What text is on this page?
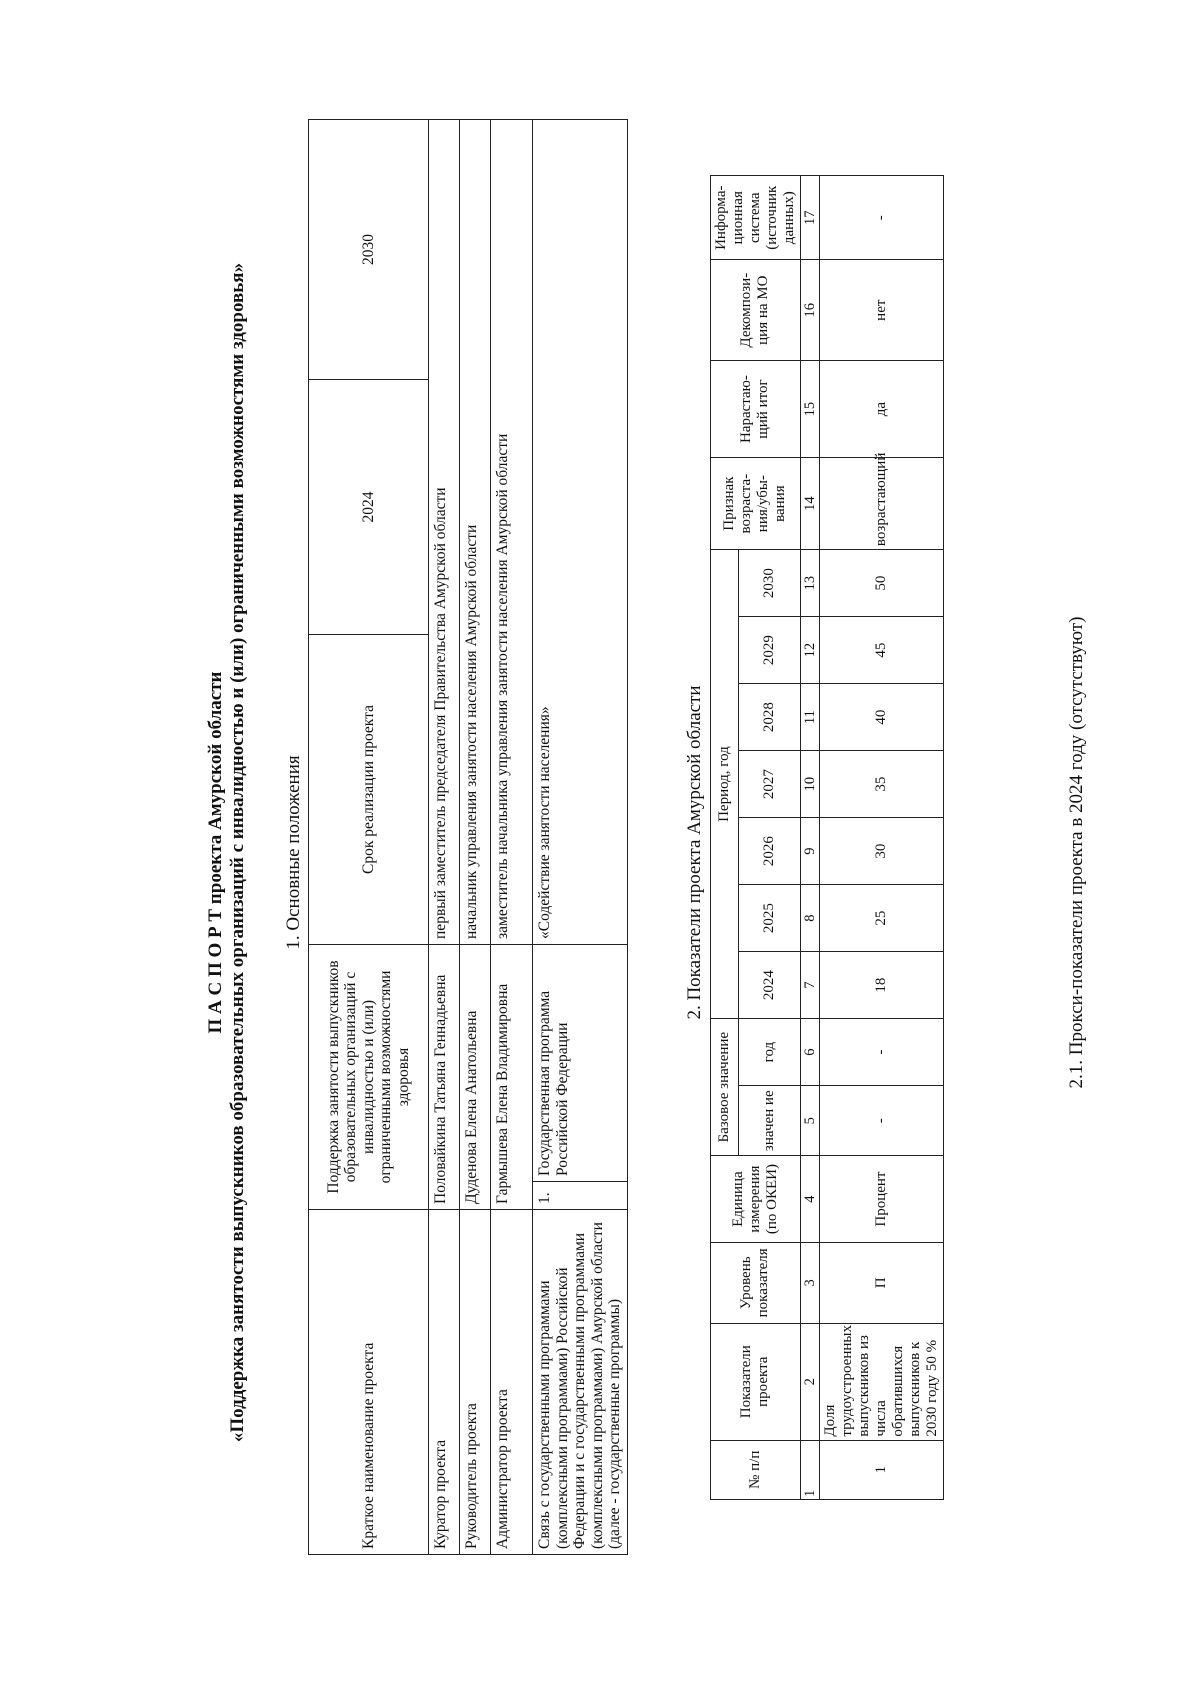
П А С П О Р Т проекта Амурской области «Поддержка занятости выпускников образовательных организаций с инвалидностью и (или) ограниченными возможностями здоровья» 1. Основные положения
Краткое наименование проекта	Поддержка занятости выпускников образовательных организаций с инвалидностью и (или) ограниченными возможностями здоровья		Срок реализации проекта	2024	2030
Куратор проекта	Половайкина Татьяна Геннадьевна		первый заместитель председателя Правительства Амурской области		
Руководитель проекта	Дуденова Елена Анатольевна		начальник управления занятости населения Амурской области		
Администратор проекта	Гармышева Елена Владимировна		заместитель начальника управления занятости населения Амурской области		
Связь с государственными программами (комплексными программами) Российской Федерации и с государственными программами (комплексными программами) Амурской области (далее - государственные программы)	1.	Государственная программа Российской Федерации	«Содействие занятости населения»			2. Показатели проекта Амурской области
№ п/п	Показатели проекта	Уровень показателя	Единица измерения (по ОКЕИ)	Базовое значение		Период, год							Признак возраста-ния/убы-вания	Нарастаю-щий итог	Декомпози-ция на МО	Информа-ционная система (источник данных)
				значен ие	год	2024	2025	2026	2027	2028	2029	2030				
1	2	3	4	5	6	7	8	9	10	11	12	13	14	15	16	17
1	Доля трудоустроенных выпускников из числа обратившихся выпускников к 2030 году 50 %	П	Процент	-	-	18	25	30	35	40	45	50	возрастающий	да	нет	-
2.1. Прокси-показатели проекта в 2024 году (отсутствуют)
